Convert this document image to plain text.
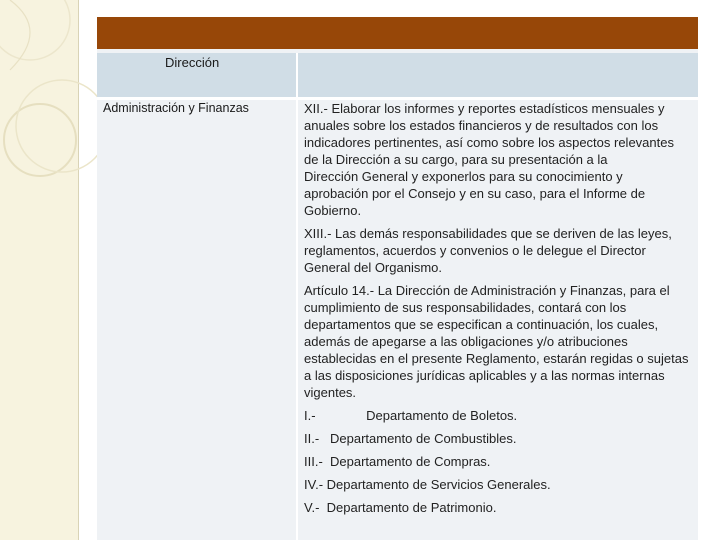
Dirección
Administración y Finanzas	XII.- Elaborar los informes y reportes estadísticos mensuales y anuales sobre los estados financieros y de resultados con los indicadores pertinentes, así como sobre los aspectos relevantes de la Dirección a su cargo, para su presentación a la
Dirección General y exponerlos para su conocimiento y aprobación por el Consejo y en su caso, para el Informe de Gobierno.

XIII.- Las demás responsabilidades que se deriven de las leyes, reglamentos, acuerdos y convenios o le delegue el Director General del Organismo.

Artículo 14.- La Dirección de Administración y Finanzas, para el cumplimiento de sus responsabilidades, contará con los departamentos que se especifican a continuación, los cuales, además de apegarse a las obligaciones y/o atribuciones
establecidas en el presente Reglamento, estarán regidas o sujetas a las disposiciones jurídicas aplicables y a las normas internas vigentes.
I.-              Departamento de Boletos.
II.-   Departamento de Combustibles.
III.-  Departamento de Compras.
IV.- Departamento de Servicios Generales.
V.-  Departamento de Patrimonio.
